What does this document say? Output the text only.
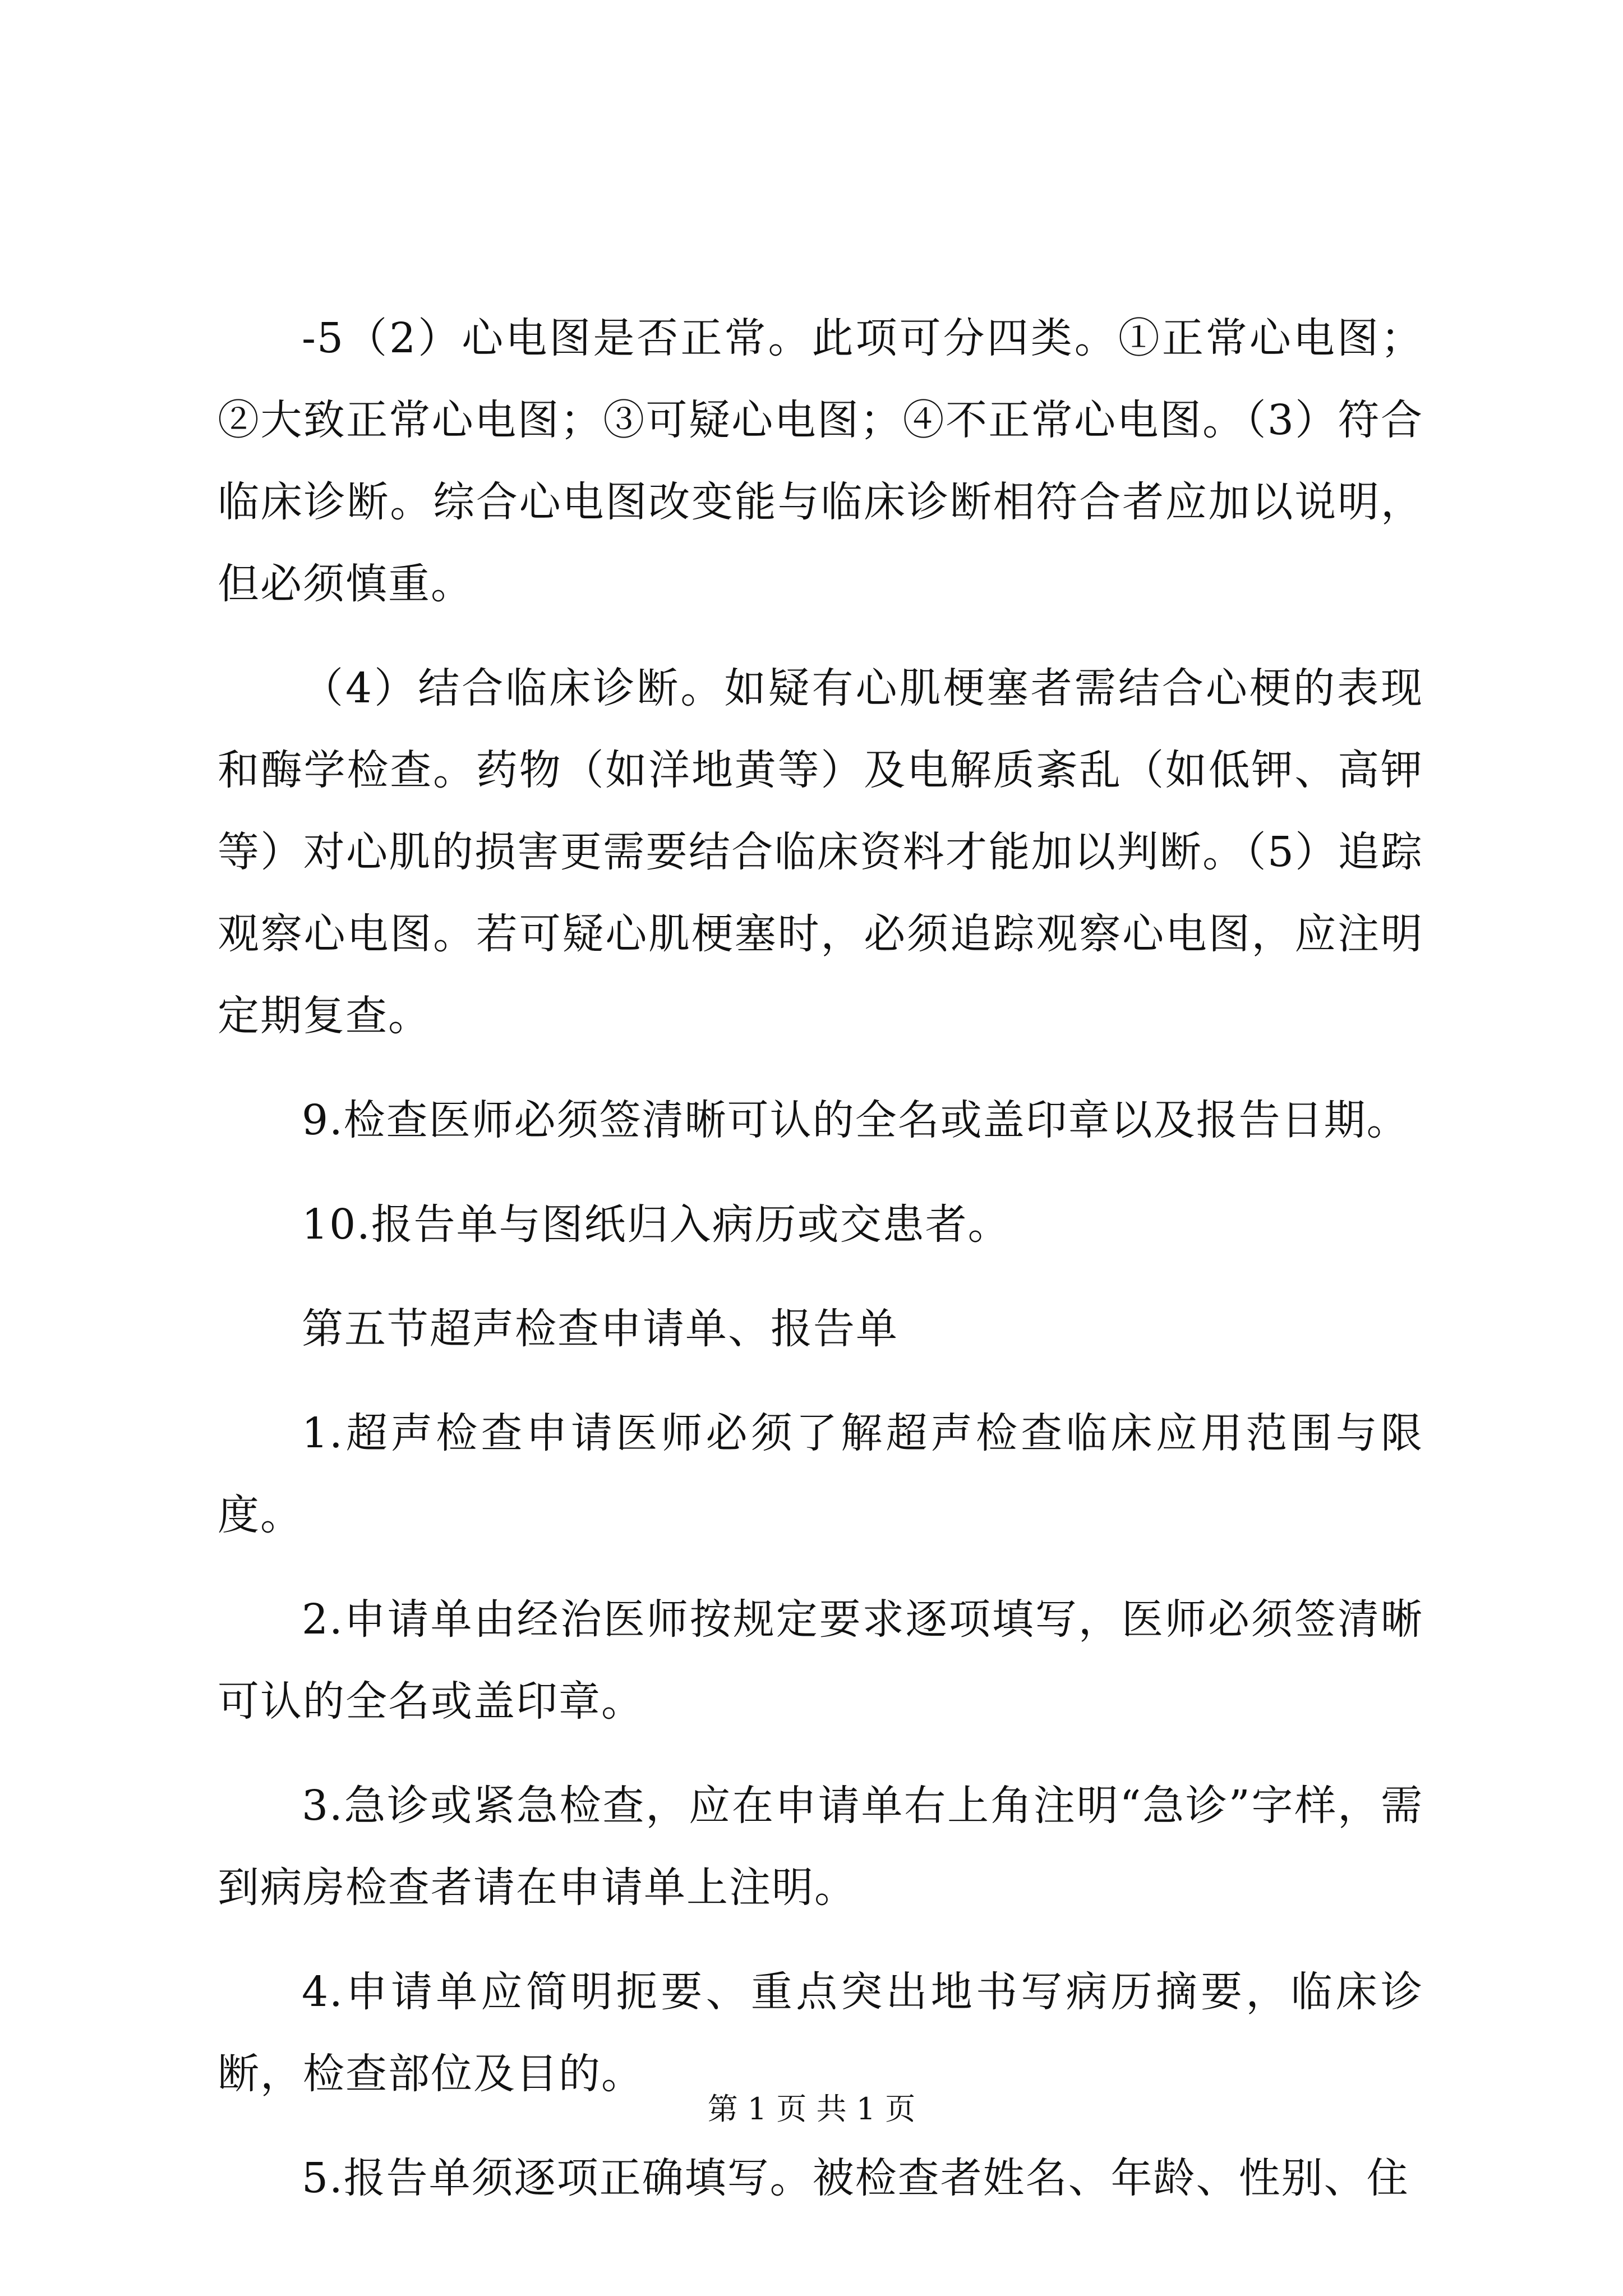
-5（2）心电图是否正常。此项可分四类。①正常心电图；②大致正常心电图；③可疑心电图；④不正常心电图。（3）符合临床诊断。综合心电图改变能与临床诊断相符合者应加以说明，但必须慎重。

（4）结合临床诊断。如疑有心肌梗塞者需结合心梗的表现和酶学检查。药物（如洋地黄等）及电解质紊乱（如低钾、高钾等）对心肌的损害更需要结合临床资料才能加以判断。（5）追踪观察心电图。若可疑心肌梗塞时，必须追踪观察心电图，应注明定期复查。

9.检查医师必须签清晰可认的全名或盖印章以及报告日期。

10.报告单与图纸归入病历或交患者。

第五节超声检查申请单、报告单

1.超声检查申请医师必须了解超声检查临床应用范围与限度。

2.申请单由经治医师按规定要求逐项填写，医师必须签清晰可认的全名或盖印章。

3.急诊或紧急检查，应在申请单右上角注明“急诊”字样，需到病房检查者请在申请单上注明。

4.申请单应简明扼要、重点突出地书写病历摘要，临床诊断，检查部位及目的。

5.报告单须逐项正确填写。被检查者姓名、年龄、性别、住

第 1 页 共 1 页
